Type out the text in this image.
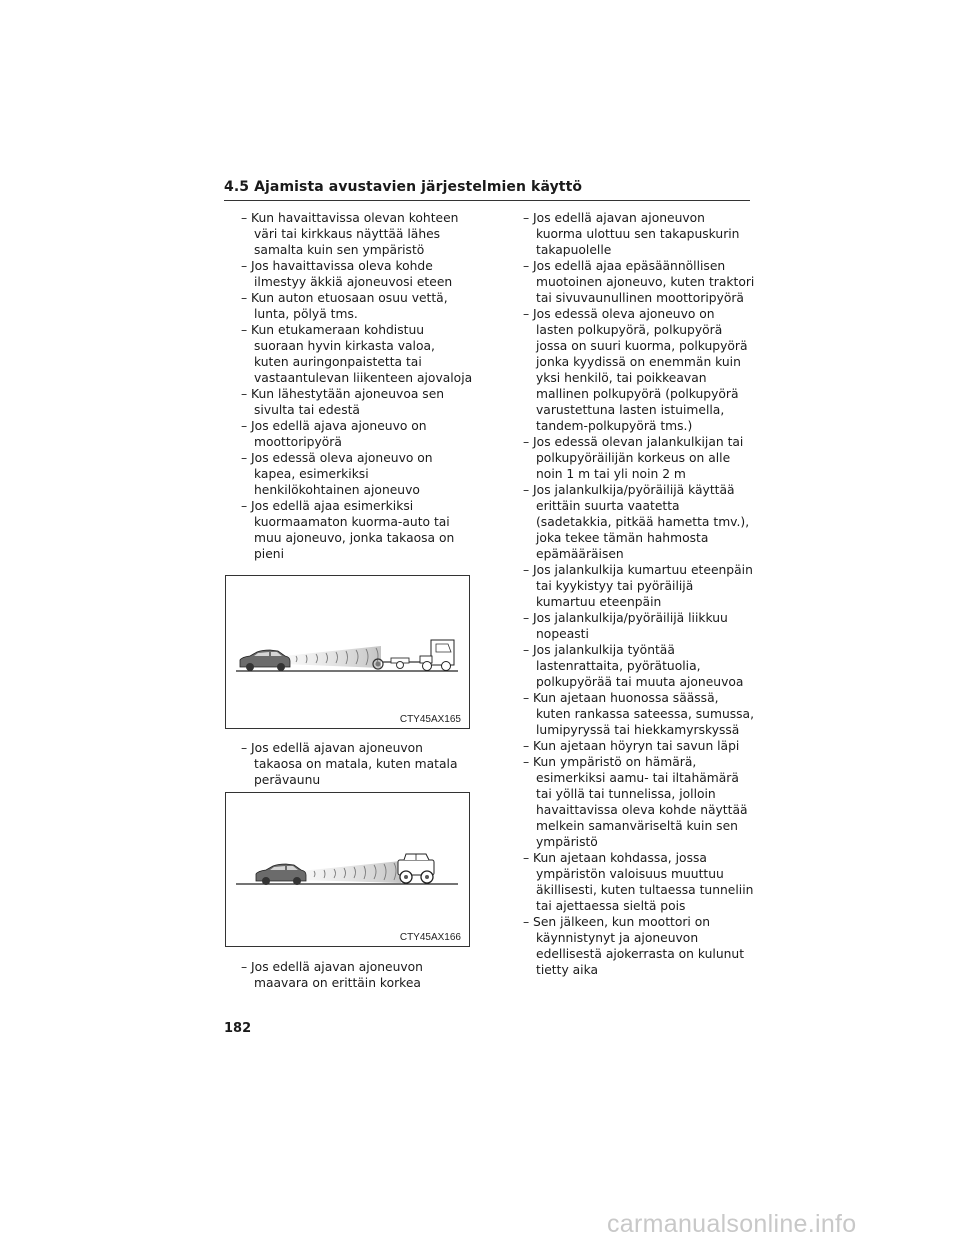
4.5 Ajamista avustavien järjestelmien käyttö

– Kun havaittavissa olevan kohteen väri tai kirkkaus näyttää lähes samalta kuin sen ympäristö

– Jos havaittavissa oleva kohde ilmestyy äkkiä ajoneuvosi eteen

– Kun auton etuosaan osuu vettä, lunta, pölyä tms.

– Kun etukameraan kohdistuu suoraan hyvin kirkasta valoa, kuten auringonpaistetta tai vastaantulevan liikenteen ajovaloja

– Kun lähestytään ajoneuvoa sen sivulta tai edestä

– Jos edellä ajava ajoneuvo on moottoripyörä

– Jos edessä oleva ajoneuvo on kapea, esimerkiksi henkilökohtainen ajoneuvo

– Jos edellä ajaa esimerkiksi kuormaamaton kuorma-auto tai muu ajoneuvo, jonka takaosa on pieni

CTY45AX165

– Jos edellä ajavan ajoneuvon takaosa on matala, kuten matala perävaunu

CTY45AX166

– Jos edellä ajavan ajoneuvon maavara on erittäin korkea

– Jos edellä ajavan ajoneuvon kuorma ulottuu sen takapuskurin takapuolelle

– Jos edellä ajaa epäsäännöllisen muotoinen ajoneuvo, kuten traktori tai sivuvaunullinen moottoripyörä

– Jos edessä oleva ajoneuvo on lasten polkupyörä, polkupyörä jossa on suuri kuorma, polkupyörä jonka kyydissä on enemmän kuin yksi henkilö, tai poikkeavan mallinen polkupyörä (polkupyörä varustettuna lasten istuimella, tandem-polkupyörä tms.)

– Jos edessä olevan jalankulkijan tai polkupyöräilijän korkeus on alle noin 1 m tai yli noin 2 m

– Jos jalankulkija/pyöräilijä käyttää erittäin suurta vaatetta (sadetakkia, pitkää hametta tmv.), joka tekee tämän hahmosta epämääräisen

– Jos jalankulkija kumartuu eteenpäin tai kyykistyy tai pyöräilijä kumartuu eteenpäin

– Jos jalankulkija/pyöräilijä liikkuu nopeasti

– Jos jalankulkija työntää lastenrattaita, pyörätuolia, polkupyörää tai muuta ajoneuvoa

– Kun ajetaan huonossa säässä, kuten rankassa sateessa, sumussa, lumipyryssä tai hiekkamyrskyssä

– Kun ajetaan höyryn tai savun läpi

– Kun ympäristö on hämärä, esimerkiksi aamu- tai iltahämärä tai yöllä tai tunnelissa, jolloin havaittavissa oleva kohde näyttää melkein samanväriseltä kuin sen ympäristö

– Kun ajetaan kohdassa, jossa ympäristön valoisuus muuttuu äkillisesti, kuten tultaessa tunneliin tai ajettaessa sieltä pois

– Sen jälkeen, kun moottori on käynnistynyt ja ajoneuvon edellisestä ajokerrasta on kulunut tietty aika

182
carmanualsonline.info
